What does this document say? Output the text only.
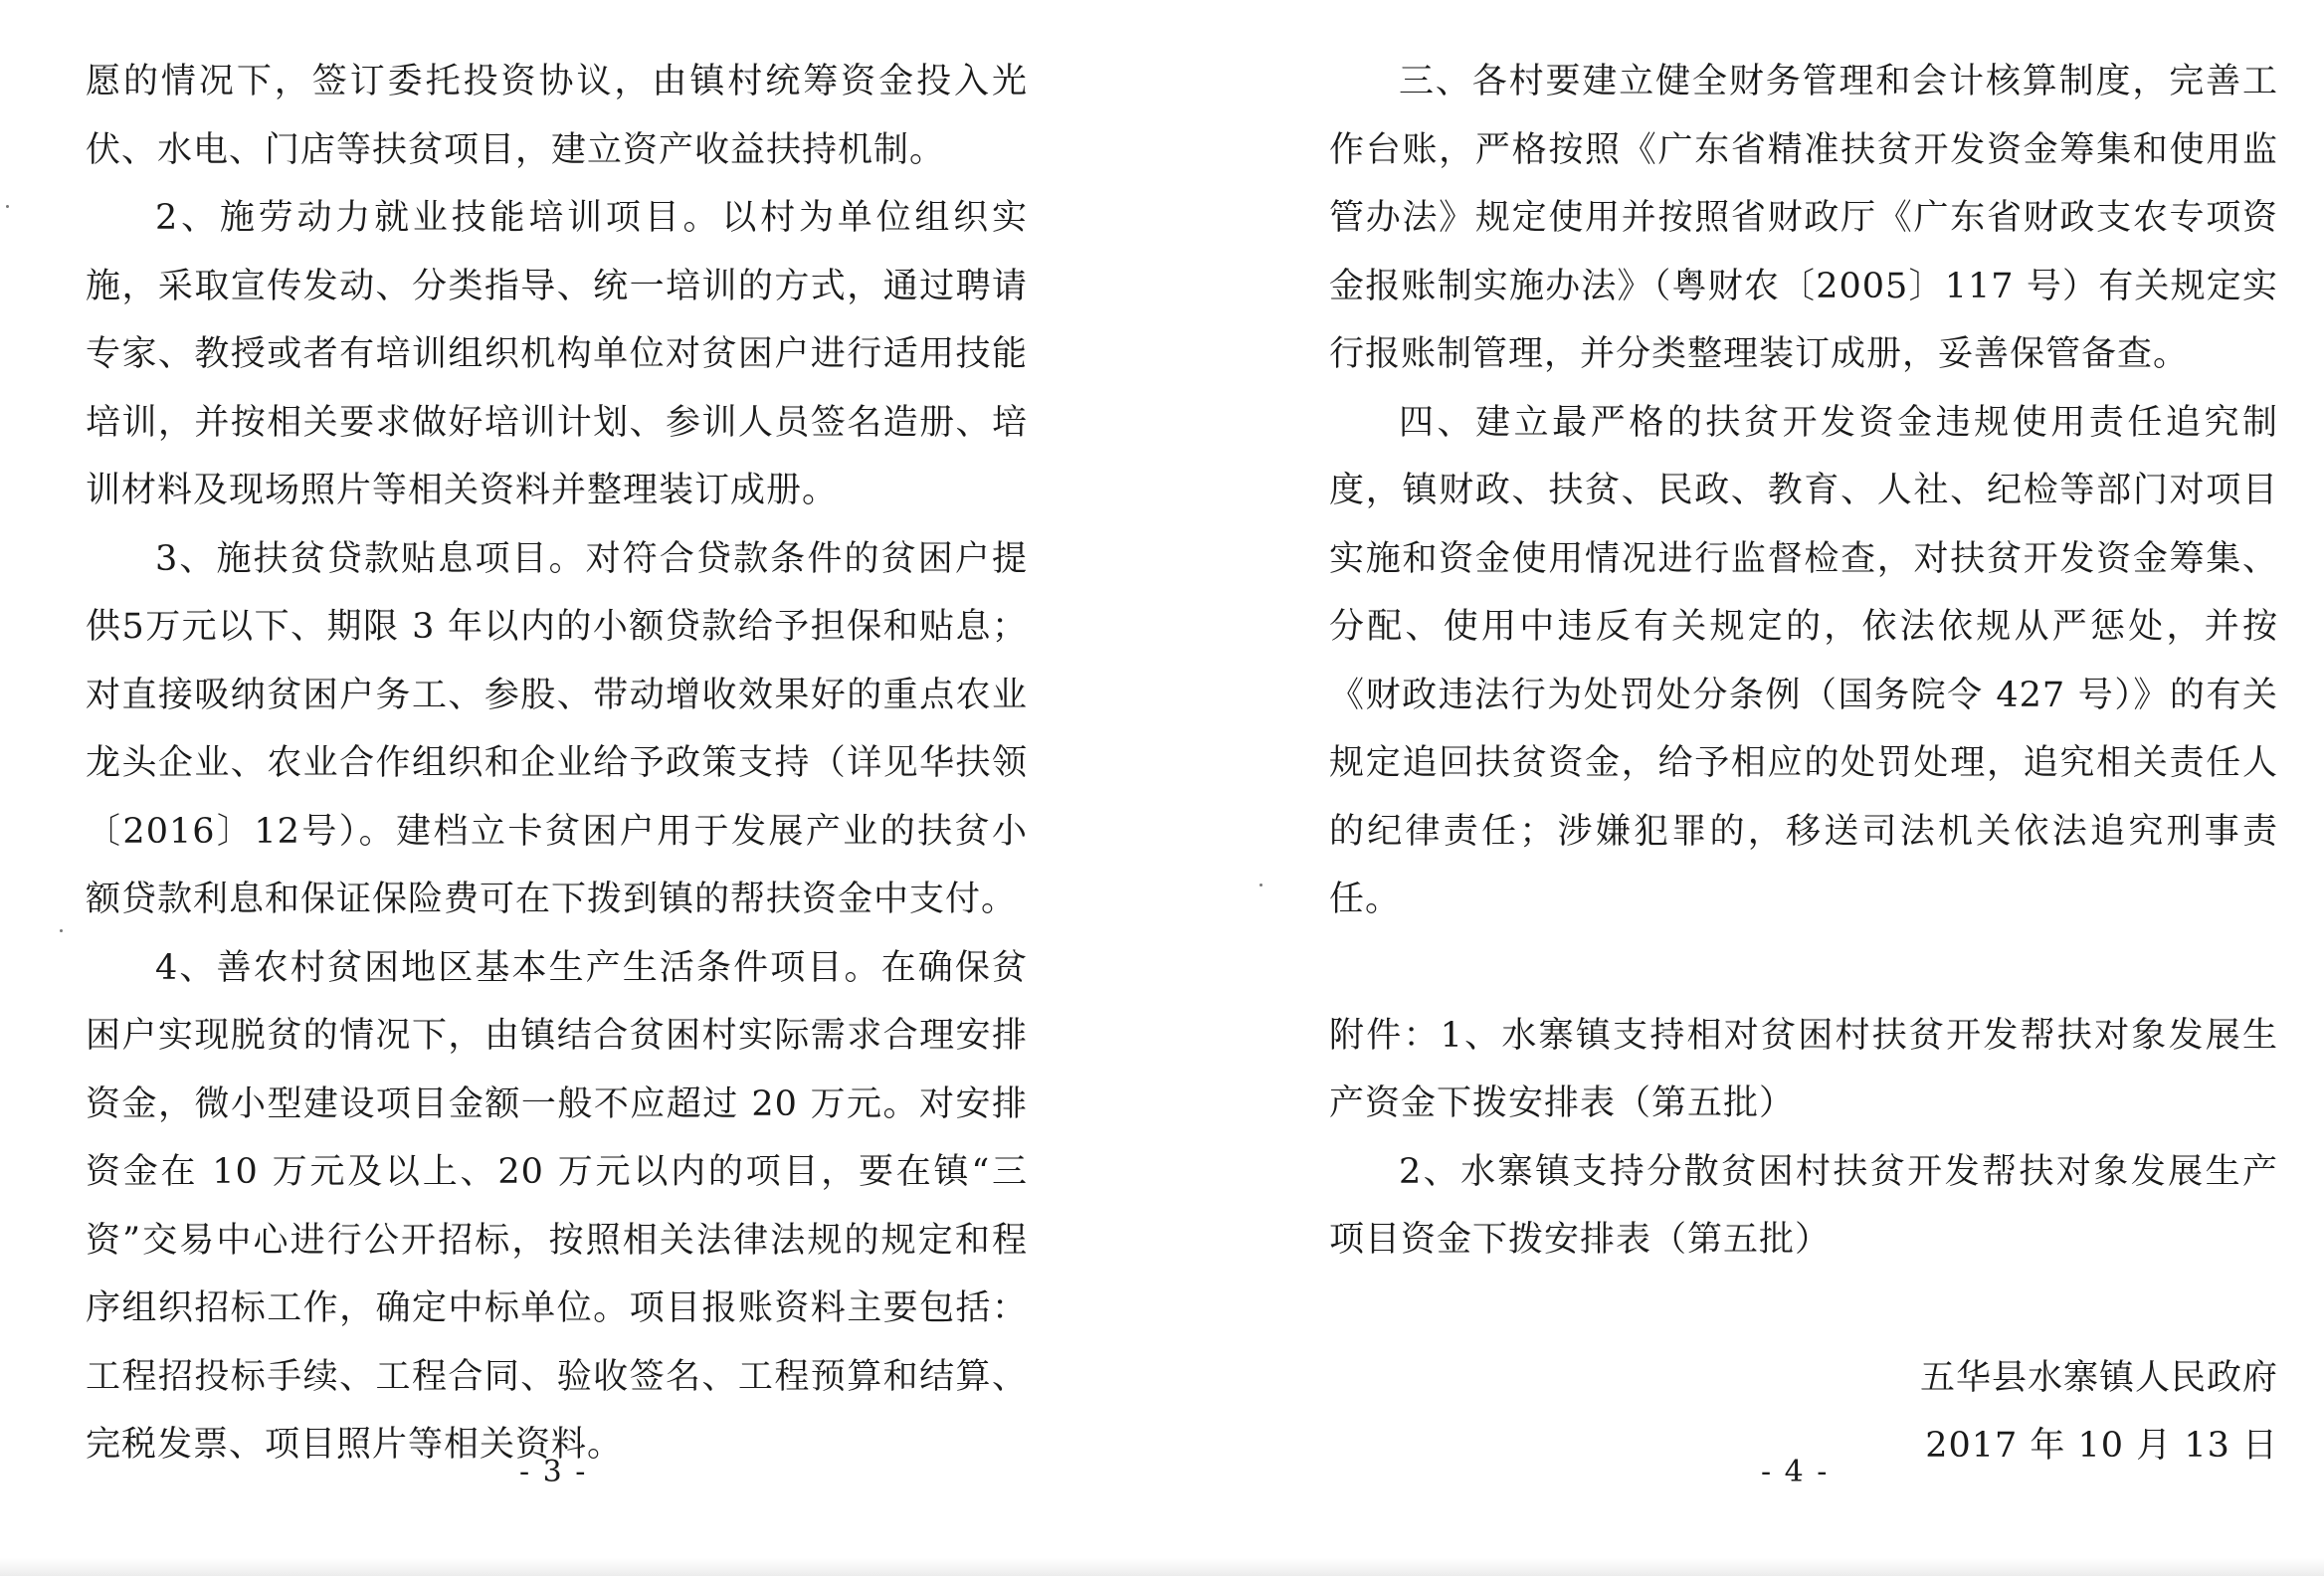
愿的情况下，签订委托投资协议，由镇村统筹资金投入光伏、水电、门店等扶贫项目，建立资产收益扶持机制。

2、施劳动力就业技能培训项目。以村为单位组织实施，采取宣传发动、分类指导、统一培训的方式，通过聘请专家、教授或者有培训组织机构单位对贫困户进行适用技能培训，并按相关要求做好培训计划、参训人员签名造册、培训材料及现场照片等相关资料并整理装订成册。

3、施扶贫贷款贴息项目。对符合贷款条件的贫困户提供5万元以下、期限 3 年以内的小额贷款给予担保和贴息；对直接吸纳贫困户务工、参股、带动增收效果好的重点农业龙头企业、农业合作组织和企业给予政策支持（详见华扶领〔2016〕12号）。建档立卡贫困户用于发展产业的扶贫小额贷款利息和保证保险费可在下拨到镇的帮扶资金中支付。

4、善农村贫困地区基本生产生活条件项目。在确保贫困户实现脱贫的情况下，由镇结合贫困村实际需求合理安排资金，微小型建设项目金额一般不应超过 20 万元。对安排资金在 10 万元及以上、20 万元以内的项目，要在镇“三资”交易中心进行公开招标，按照相关法律法规的规定和程序组织招标工作，确定中标单位。项目报账资料主要包括：工程招投标手续、工程合同、验收签名、工程预算和结算、完税发票、项目照片等相关资料。

- 3 -

三、各村要建立健全财务管理和会计核算制度，完善工作台账，严格按照《广东省精准扶贫开发资金筹集和使用监管办法》规定使用并按照省财政厅《广东省财政支农专项资金报账制实施办法》（粤财农〔2005〕117 号）有关规定实行报账制管理，并分类整理装订成册，妥善保管备查。

四、建立最严格的扶贫开发资金违规使用责任追究制度，镇财政、扶贫、民政、教育、人社、纪检等部门对项目实施和资金使用情况进行监督检查，对扶贫开发资金筹集、分配、使用中违反有关规定的，依法依规从严惩处，并按《财政违法行为处罚处分条例（国务院令 427 号）》的有关规定追回扶贫资金，给予相应的处罚处理，追究相关责任人的纪律责任；涉嫌犯罪的，移送司法机关依法追究刑事责任。

附件：1、水寨镇支持相对贫困村扶贫开发帮扶对象发展生产资金下拨安排表（第五批）

2、水寨镇支持分散贫困村扶贫开发帮扶对象发展生产项目资金下拨安排表（第五批）

五华县水寨镇人民政府

2017 年 10 月 13 日

- 4 -
